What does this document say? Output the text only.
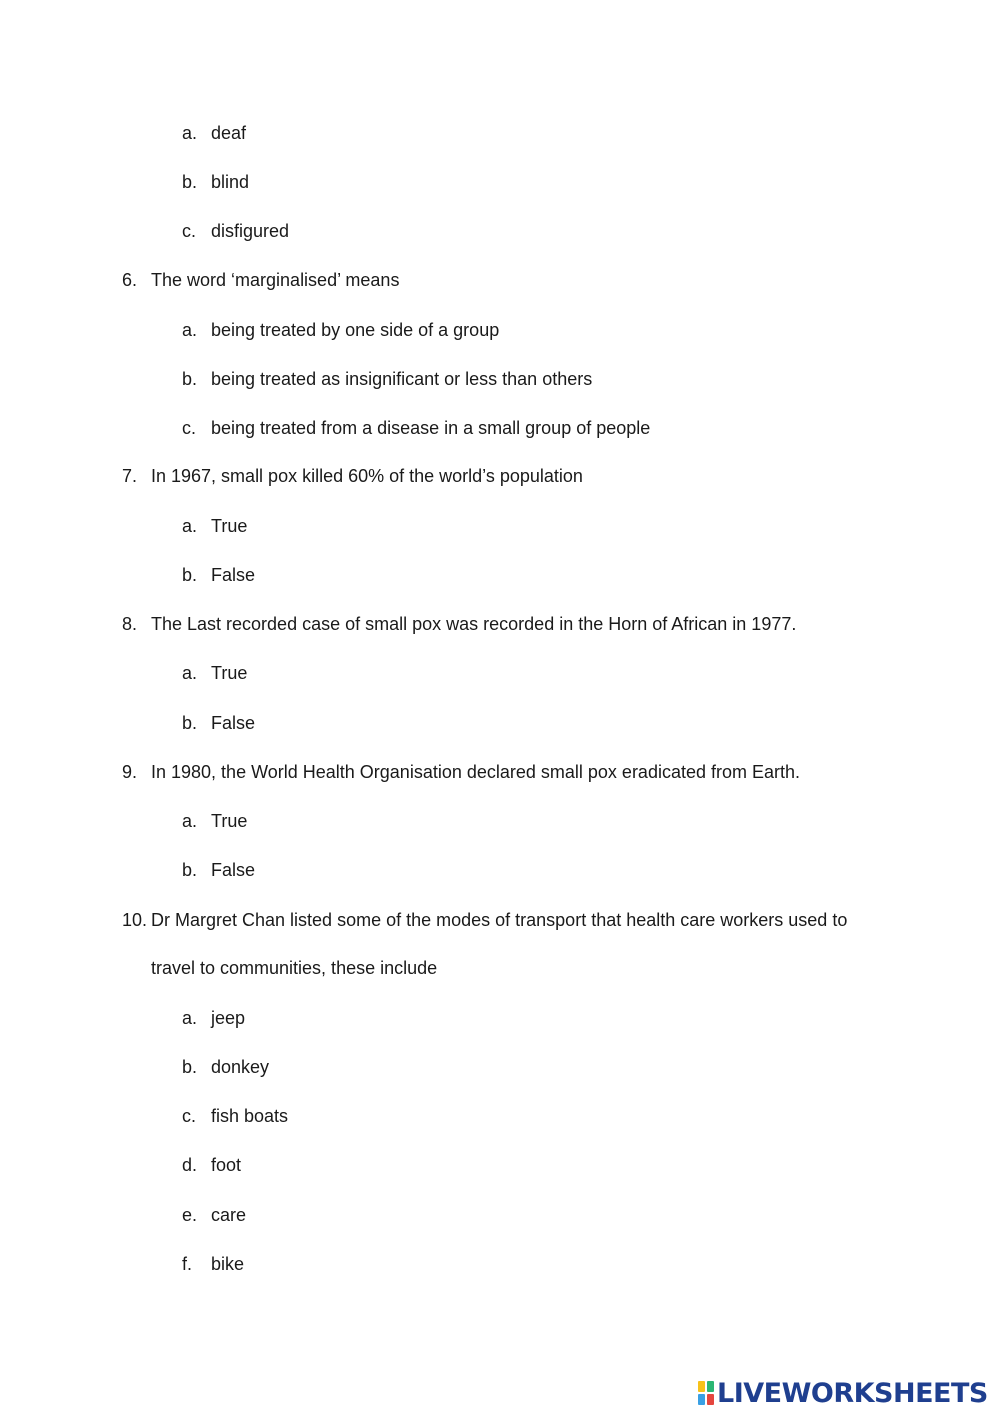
a. deaf
b. blind
c. disfigured
6. The word ‘marginalised’ means
a. being treated by one side of a group
b. being treated as insignificant or less than others
c. being treated from a disease in a small group of people
7. In 1967, small pox killed 60% of the world’s population
a. True
b. False
8. The Last recorded case of small pox was recorded in the Horn of African in 1977.
a. True
b. False
9. In 1980, the World Health Organisation declared small pox eradicated from Earth.
a. True
b. False
10. Dr Margret Chan listed some of the modes of transport that health care workers used to
travel to communities, these include
a. jeep
b. donkey
c. fish boats
d. foot
e. care
f. bike
LIVEWORKSHEETS
